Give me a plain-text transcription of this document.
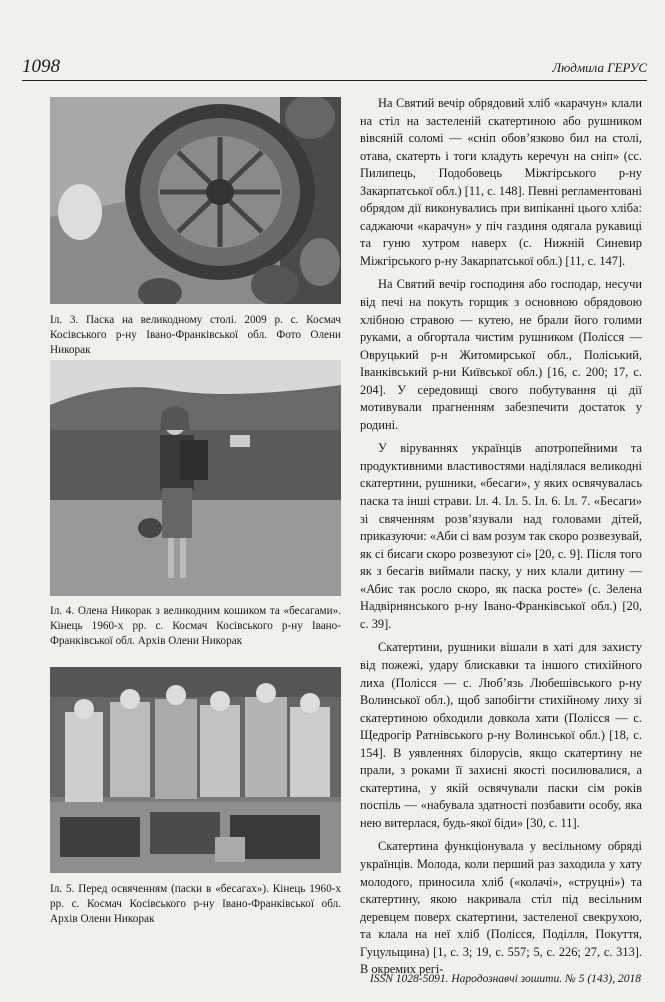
1098	Людмила ГЕРУС
Іл. 3. Паска на великодному столі. 2009 р. с. Космач Косівського р-ну Івано-Франківської обл. Фото Олени Никорак
Іл. 4. Олена Никорак з великодним кошиком та «бесагами». Кінець 1960-х рр. с. Космач Косівського р-ну Івано-Франківської обл. Архів Олени Никорак
Іл. 5. Перед освяченням (паски в «бесагах»). Кінець 1960-х рр. с. Космач Косівського р-ну Івано-Франківської обл. Архів Олени Никорак

На Святий вечір обрядовий хліб «карачун» клали на стіл на застеленій скатертиною або рушником вівсяній соломі — «сніп обов’язково бил на столі, отава, скатерть і тоги кладуть керечун на сніп» (сс. Пилипець, Подобовець Міжгірського р-ну Закарпатської обл.) [11, с. 148]. Певні регламентовані обрядом дії виконувались при випіканні цього хліба: саджаючи «карачун» у піч газдиня одягала рукавиці та гуню хутром наверх (с. Нижній Синевир Міжгірського р-ну Закарпатської обл.) [11, с. 147].

На Святий вечір господиня або господар, несучи від печі на покуть горщик з основною обрядовою хлібною стравою — кутею, не брали його голими руками, а обгортала чистим рушником (Полісся — Овруцький р-н Житомирської обл., Поліський, Іванківський р-ни Київської обл.) [16, с. 200; 17, с. 204]. У середовищі свого побутування ці дії мотивували прагненням забезпечити достаток у родині.

У віруваннях українців апотропейними та продуктивними властивостями наділялася великодні скатертини, рушники, «бесаги», у яких освячувалась паска та інші страви. Іл. 4. Іл. 5. Іл. 6. Іл. 7. «Бесаги» зі свяченням розв’язували над головами дітей, приказуючи: «Аби сі вам розум так скоро розвезувай, як сі бисаги скоро розвезуют сі» [20, с. 9]. Після того як з бесагів виймали паску, у них клали дитину — «Абис так росло скоро, як паска росте» (с. Зелена Надвірнянського р-ну Івано-Франківської обл.) [20, с. 39].

Скатертини, рушники вішали в хаті для захисту від пожежі, удару блискавки та іншого стихійного лиха (Полісся — с. Люб’язь Любешівського р-ну Волинської обл.), щоб запобігти стихійному лиху зі скатертиною обходили довкола хати (Полісся — с. Щедрогір Ратнівського р-ну Волинської обл.) [18, с. 154]. В уявленнях білорусів, якщо скатертину не прали, з роками її захисні якості посилювалися, а скатертина, у якій освячували паски сім років поспіль — «набувала здатності позбавити особу, яка нею витерлася, будь-якої біди» [30, с. 11].

Скатертина функціонувала у весільному обряді українців. Молода, коли перший раз заходила у хату молодого, приносила хліб («колачі», «струцні») та скатертину, якою накривала стіл під весільним деревцем поверх скатертини, застеленої свекрухою, та клала на неї хліб (Полісся, Поділля, Покуття, Гуцульщина) [1, с. 3; 19, с. 557; 5, с. 226; 27, с. 313]. В окремих регі-

ISSN 1028-5091. Народознавчі зошити. № 5 (143), 2018
